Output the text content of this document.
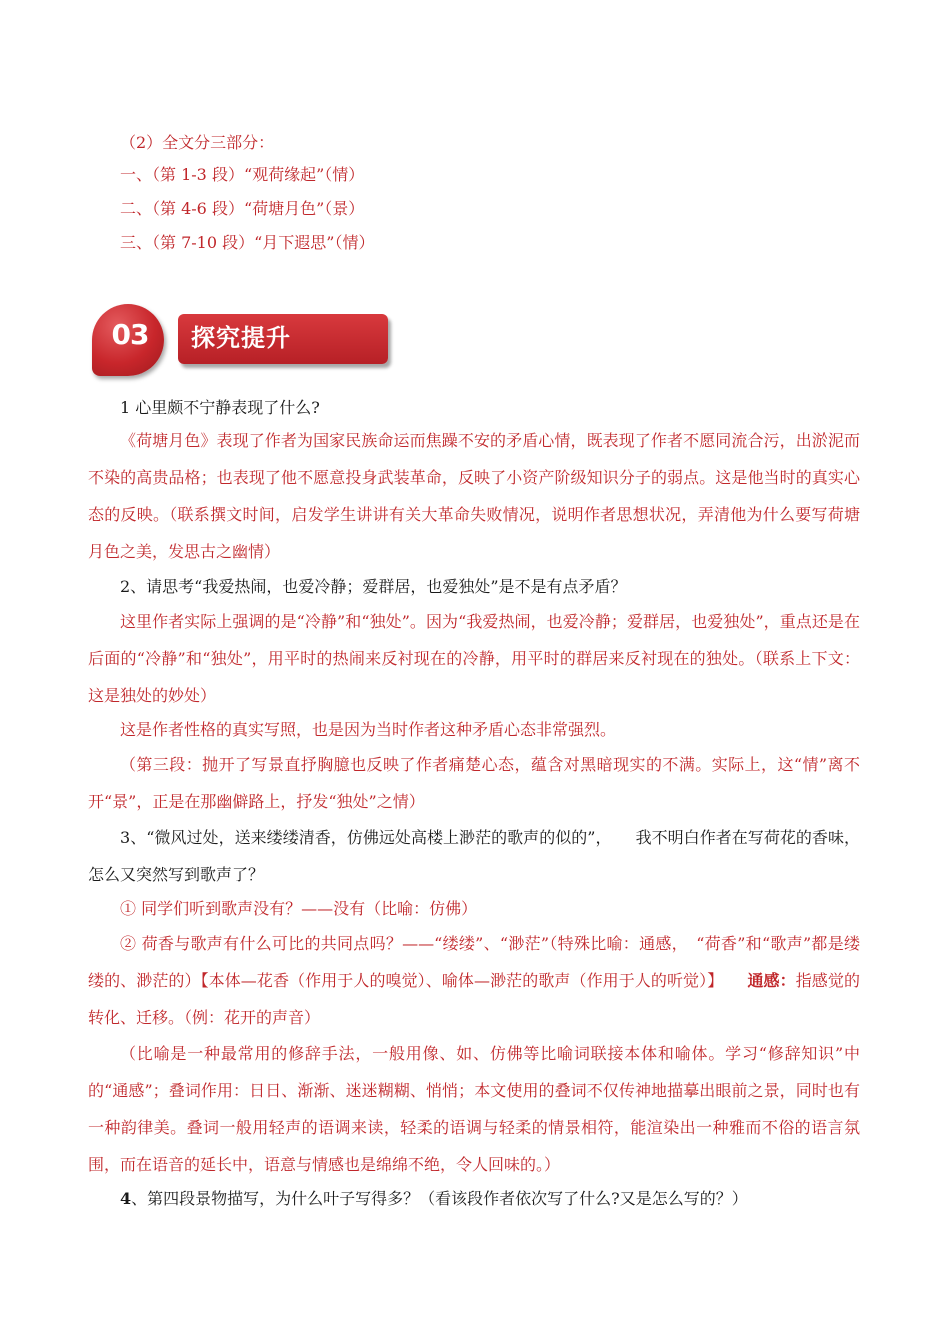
（2）全文分三部分：

一、（第 1-3 段）“观荷缘起”（情）

二、（第 4-6 段）“荷塘月色”（景）

三、（第 7-10 段）“月下遐思”（情）

03	探究提升

1 心里颇不宁静表现了什么?

《荷塘月色》表现了作者为国家民族命运而焦躁不安的矛盾心情，既表现了作者不愿同流合污，出淤泥而不染的高贵品格；也表现了他不愿意投身武装革命，反映了小资产阶级知识分子的弱点。这是他当时的真实心态的反映。（联系撰文时间，启发学生讲讲有关大革命失败情况，说明作者思想状况，弄清他为什么要写荷塘月色之美，发思古之幽情）

2、请思考“我爱热闹，也爱冷静；爱群居，也爱独处”是不是有点矛盾？

这里作者实际上强调的是“冷静”和“独处”。因为“我爱热闹，也爱冷静；爱群居，也爱独处”，重点还是在后面的“冷静”和“独处”，用平时的热闹来反衬现在的冷静，用平时的群居来反衬现在的独处。（联系上下文：这是独处的妙处）

这是作者性格的真实写照，也是因为当时作者这种矛盾心态非常强烈。

（第三段：抛开了写景直抒胸臆也反映了作者痛楚心态，蕴含对黑暗现实的不满。实际上，这“情”离不开“景”，正是在那幽僻路上，抒发“独处”之情）

3、“微风过处，送来缕缕清香，仿佛远处高楼上渺茫的歌声的似的”，　　我不明白作者在写荷花的香味，怎么又突然写到歌声了？

① 同学们听到歌声没有？——没有（比喻：仿佛）

② 荷香与歌声有什么可比的共同点吗？——“缕缕”、“渺茫”（特殊比喻：通感，　“荷香”和“歌声”都是缕缕的、渺茫的）【本体—花香（作用于人的嗅觉）、喻体—渺茫的歌声（作用于人的听觉）】　　 通感：指感觉的转化、迁移。（例：花开的声音）

（比喻是一种最常用的修辞手法，一般用像、如、仿佛等比喻词联接本体和喻体。学习“修辞知识”中的“通感”；叠词作用：日日、渐渐、迷迷糊糊、悄悄；本文使用的叠词不仅传神地描摹出眼前之景，同时也有一种韵律美。叠词一般用轻声的语调来读，轻柔的语调与轻柔的情景相符，能渲染出一种雅而不俗的语言氛围，而在语音的延长中，语意与情感也是绵绵不绝，令人回味的。）

4、第四段景物描写，为什么叶子写得多？（看该段作者依次写了什么?又是怎么写的？）
